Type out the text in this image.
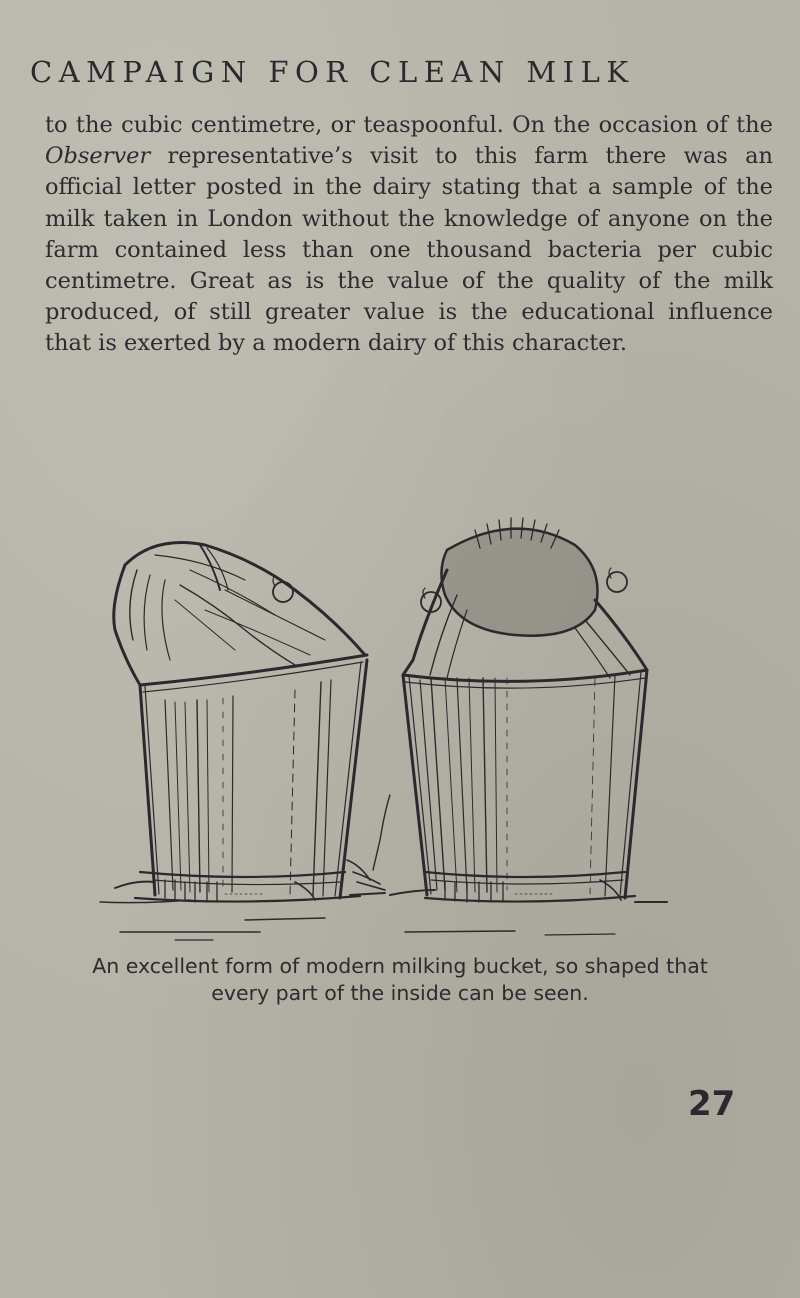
CAMPAIGN FOR CLEAN MILK

to the cubic centimetre, or teaspoonful. On the occasion of the Observer representative’s visit to this farm there was an official letter posted in the dairy stating that a sample of the milk taken in London without the knowledge of anyone on the farm contained less than one thousand bacteria per cubic centimetre. Great as is the value of the quality of the milk produced, of still greater value is the educational influence that is exerted by a modern dairy of this character.

An excellent form of modern milking bucket, so shaped that
every part of the inside can be seen.
27
